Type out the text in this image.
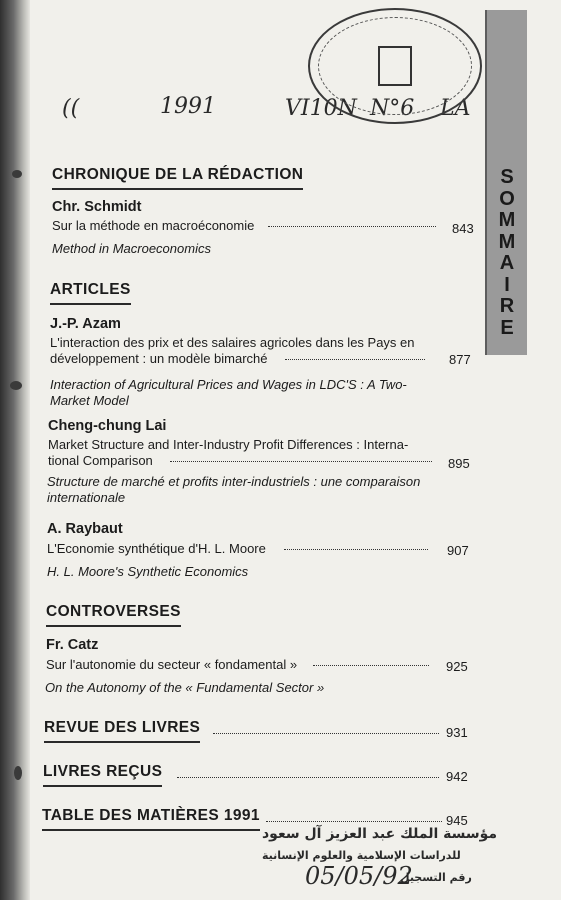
((	1991	VI10N N°6 LA
S
O
M
M
A
I
R
E
CHRONIQUE DE LA RÉDACTION
Chr. Schmidt
Sur la méthode en macroéconomie	843
Method in Macroeconomics
ARTICLES
J.-P. Azam
L'interaction des prix et des salaires agricoles dans les Pays en
développement : un modèle bimarché	877
Interaction of Agricultural Prices and Wages in LDC'S : A Two-
Market Model
Cheng-chung Lai
Market Structure and Inter-Industry Profit Differences : Interna-
tional Comparison	895
Structure de marché et profits inter-industriels : une comparaison
internationale
A. Raybaut
L'Economie synthétique d'H. L. Moore	907
H. L. Moore's Synthetic Economics
CONTROVERSES
Fr. Catz
Sur l'autonomie du secteur « fondamental »	925
On the Autonomy of the « Fundamental Sector »
REVUE DES LIVRES	931
LIVRES REÇUS	942
TABLE DES MATIÈRES 1991	945
مؤسسة الملك عبد العزيز آل سعود
للدراسات الإسلامية والعلوم الإنسانية
رقم التسجيل
05/05/92
